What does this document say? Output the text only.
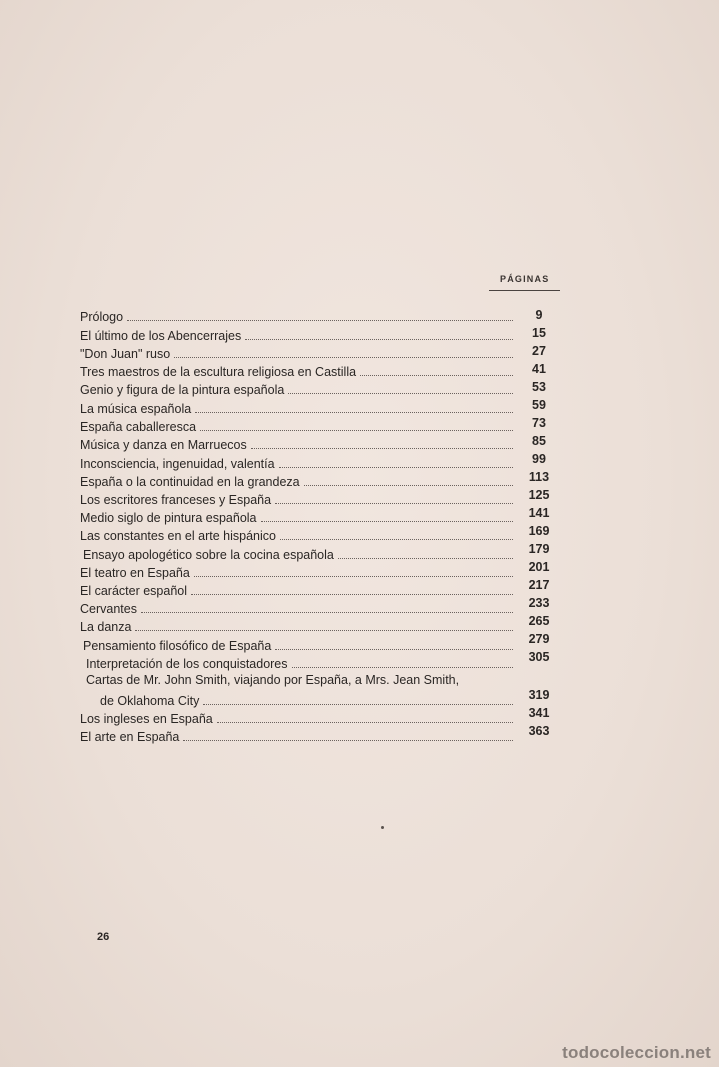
PÁGINAS
Prólogo	9
El último de los Abencerrajes	15
"Don Juan" ruso	27
Tres maestros de la escultura religiosa en Castilla	41
Genio y figura de la pintura española	53
La música española	59
España caballeresca	73
Música y danza en Marruecos	85
Inconsciencia, ingenuidad, valentía	99
España o la continuidad en la grandeza	113
Los escritores franceses y España	125
Medio siglo de pintura española	141
Las constantes en el arte hispánico	169
Ensayo apologético sobre la cocina española	179
El teatro en España	201
El carácter español	217
Cervantes	233
La danza	265
Pensamiento filosófico de España	279
Interpretación de los conquistadores	305
Cartas de Mr. John Smith, viajando por España, a Mrs. Jean Smith,
de Oklahoma City	319
Los ingleses en España	341
El arte en España	363
26
todocoleccion.net
